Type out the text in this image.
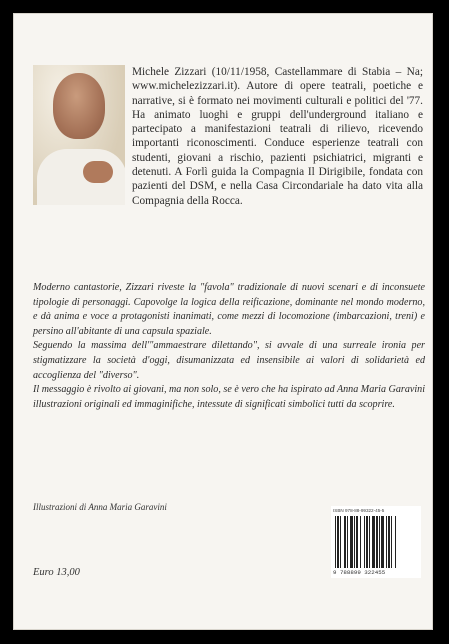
Michele Zizzari (10/11/1958, Castellammare di Stabia – Na; www.michelezizzari.it). Autore di opere teatrali, poetiche e narrative, si è formato nei movimenti culturali e politici del '77. Ha animato luoghi e gruppi dell'underground italiano e partecipato a manifestazioni teatrali di rilievo, ricevendo importanti riconoscimenti. Conduce esperienze teatrali con studenti, giovani a rischio, pazienti psichiatrici, migranti e detenuti. A Forlì guida la Compagnia Il Dirigibile, fondata con pazienti del DSM, e nella Casa Circondariale ha dato vita alla Compagnia della Rocca.

Moderno cantastorie, Zizzari riveste la "favola" tradizionale di nuovi scenari e di inconsuete tipologie di personaggi. Capovolge la logica della reificazione, dominante nel mondo moderno, e dà anima e voce a protagonisti inanimati, come mezzi di locomozione (imbarcazioni, treni) e persino all'abitante di una capsula spaziale.

Seguendo la massima dell'"ammaestrare dilettando", si avvale di una surreale ironia per stigmatizzare la società d'oggi, disumanizzata ed insensibile ai valori di solidarietà ed accoglienza del "diverso".

Il messaggio è rivolto ai giovani, ma non solo, se è vero che ha ispirato ad Anna Maria Garavini illustrazioni originali ed immaginifiche, intessute di significati simbolici tutti da scoprire.

Illustrazioni di Anna Maria Garavini
Euro 13,00
ISBN 978-88-99322-45-5
9 788899 322455
